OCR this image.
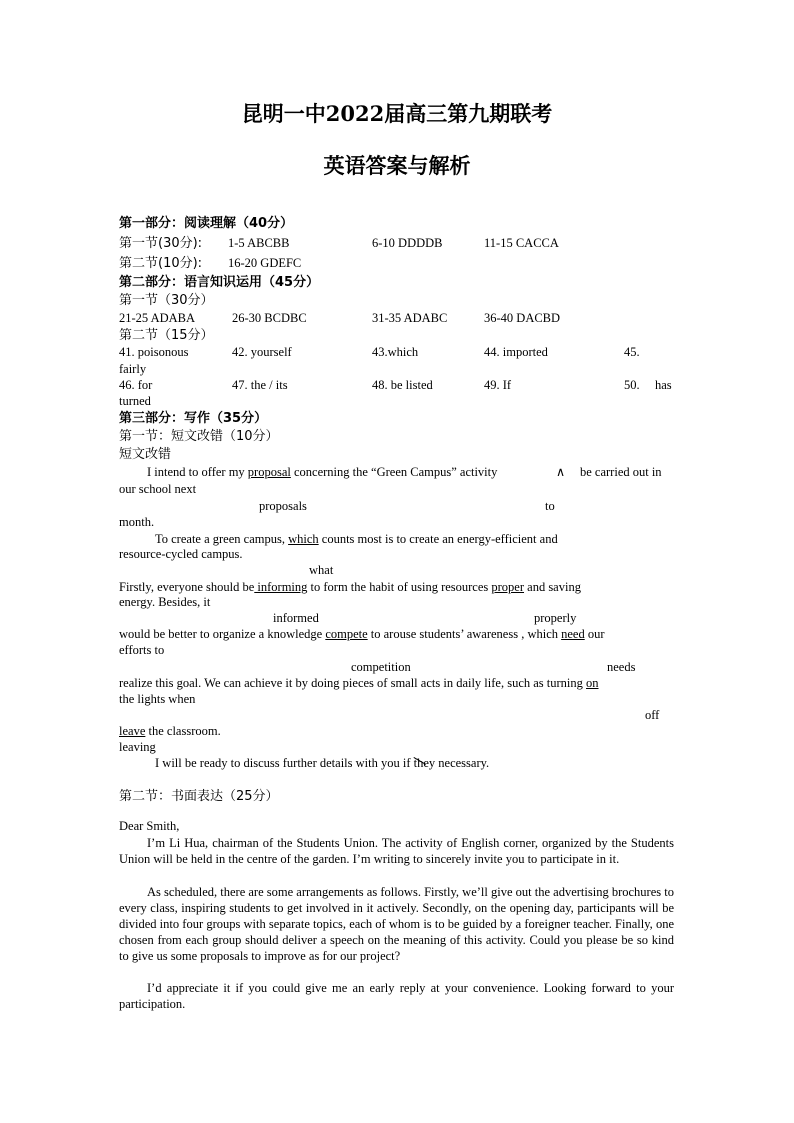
昆明一中2022届高三第九期联考
英语答案与解析
第一部分：阅读理解（40分）
第一节(30分): 1-5 ABCBB	6-10 DDDDB	11-15 CACCA
第二节(10分): 16-20 GDEFC
第二部分：语言知识运用（45分）
第一节（30分）
21-25 ADABA	26-30 BCDBC	31-35 ADABC	36-40 DACBD
第二节（15分）
41. poisonous	42. yourself	43.which	44. imported	45.
fairly
46. for	47. the / its	48. be listed	49. If	50. has
turned
第三部分：写作（35分）
第一节：短文改错（10分）
短文改错
I intend to offer my proposal concerning the “Green Campus” activity	∧ be carried out in
our school next
proposals	to
month.
To create a green campus, which counts most is to create an energy-efficient and
resource-cycled campus.
what
Firstly, everyone should be informing to form the habit of using resources proper and saving
energy. Besides, it
informed	properly
would be better to organize a knowledge compete to arouse students’ awareness , which need our
efforts to
competition	needs
realize this goal. We can achieve it by doing pieces of small acts in daily life, such as turning on
the lights when
off
leave the classroom.
leaving
I will be ready to discuss further details with you if they necessary.
第二节：书面表达（25分）
Dear Smith,
I’m Li Hua, chairman of the Students Union. The activity of English corner, organized by the Students Union will be held in the centre of the garden. I’m writing to sincerely invite you to participate in it.
As scheduled, there are some arrangements as follows. Firstly, we’ll give out the advertising brochures to every class, inspiring students to get involved in it actively. Secondly, on the opening day, participants will be divided into four groups with separate topics, each of whom is to be guided by a foreigner teacher. Finally, one chosen from each group should deliver a speech on the meaning of this activity. Could you please be so kind to give us some proposals to improve as for our project?
I’d appreciate it if you could give me an early reply at your convenience. Looking forward to your participation.
